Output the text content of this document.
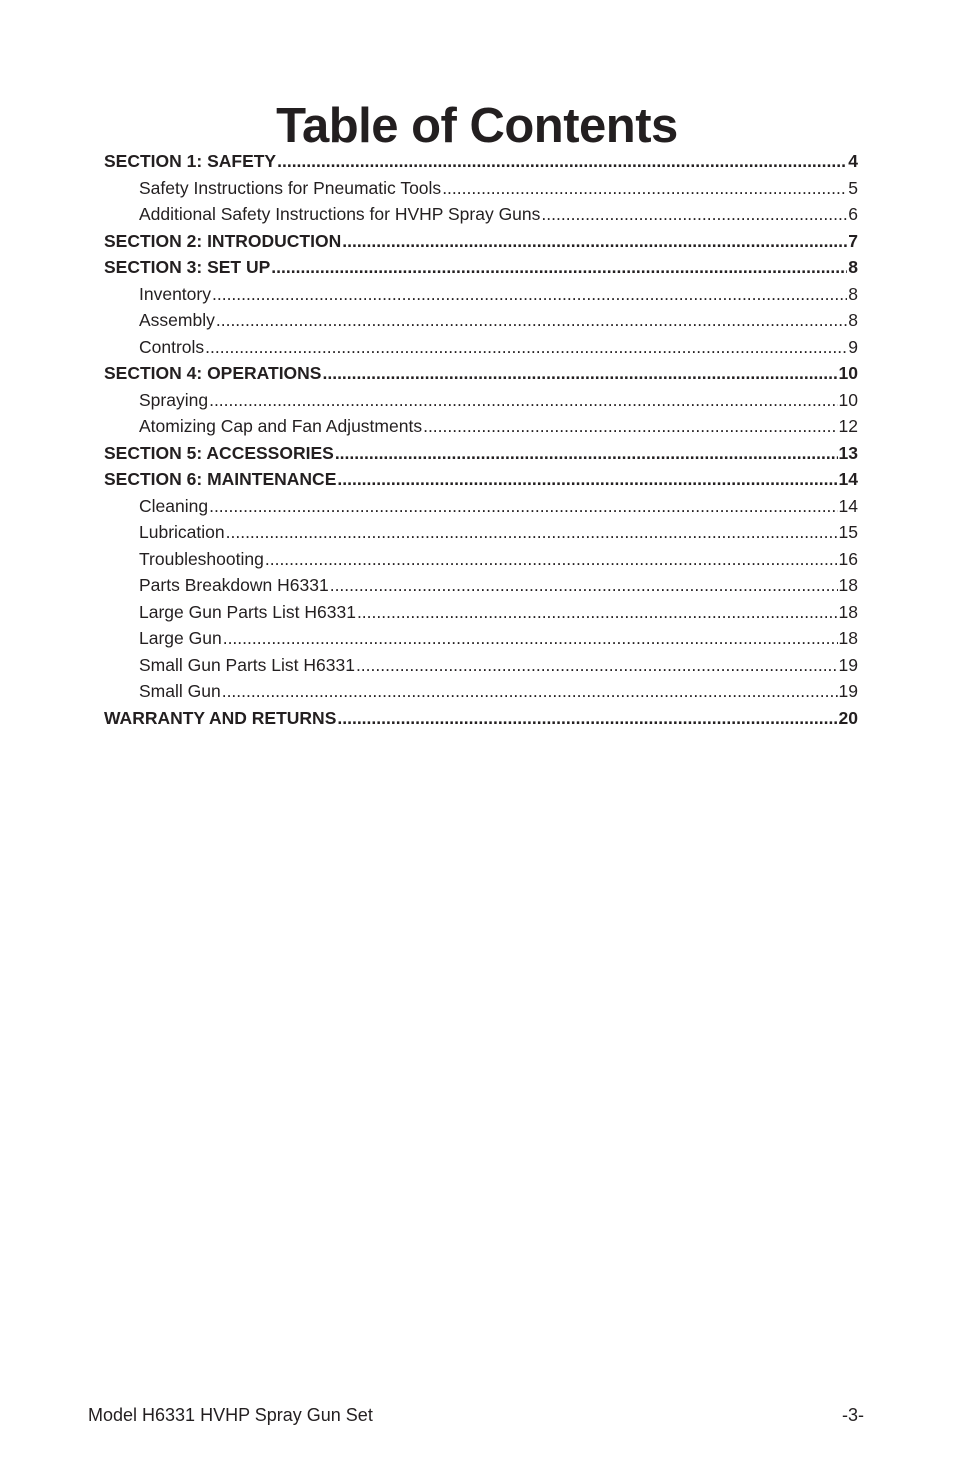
Table of Contents
SECTION 1: SAFETY .....	4
Safety Instructions for Pneumatic Tools .....	5
Additional Safety Instructions for HVHP Spray Guns .....	6
SECTION 2: INTRODUCTION .....	7
SECTION 3: SET UP .....	8
Inventory .....	8
Assembly .....	8
Controls .....	9
SECTION 4: OPERATIONS .....	10
Spraying .....	10
Atomizing Cap and Fan Adjustments .....	12
SECTION 5: ACCESSORIES .....	13
SECTION 6: MAINTENANCE .....	14
Cleaning .....	14
Lubrication .....	15
Troubleshooting .....	16
Parts Breakdown H6331 .....	18
Large Gun Parts List H6331 .....	18
Large Gun .....	18
Small Gun Parts List H6331 .....	19
Small Gun .....	19
WARRANTY AND RETURNS .....	20
Model H6331 HVHP Spray Gun Set	-3-
